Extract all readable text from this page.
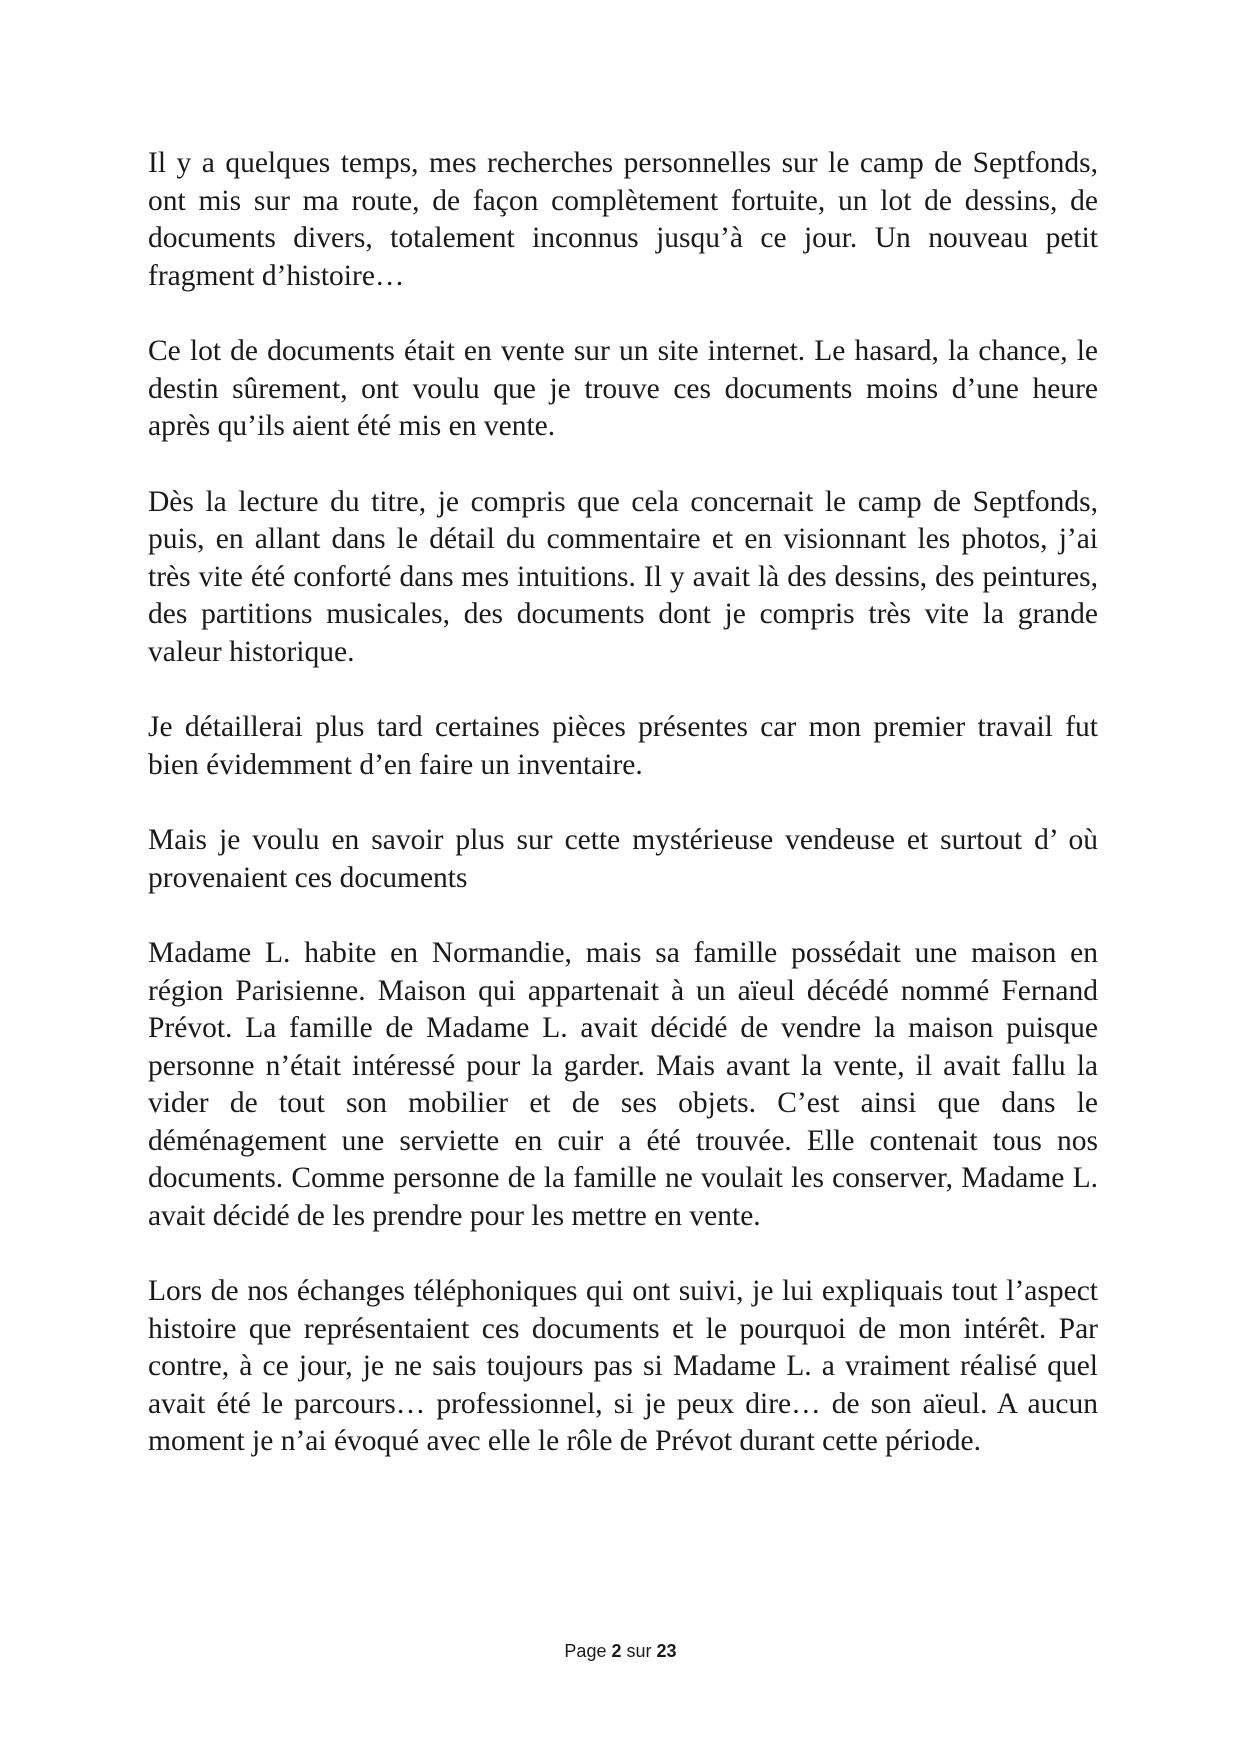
Il y a quelques temps, mes recherches personnelles sur le camp de Septfonds, ont mis sur ma route, de façon complètement fortuite, un lot de dessins, de documents divers, totalement inconnus jusqu’à ce jour. Un nouveau petit fragment d’histoire…

Ce lot de documents était en vente sur un site internet. Le hasard, la chance, le destin sûrement, ont voulu que je trouve ces documents moins d’une heure après qu’ils aient été mis en vente.

Dès la lecture du titre, je compris que cela concernait le camp de Septfonds, puis, en allant dans le détail du commentaire et en visionnant les photos, j’ai très vite été conforté dans mes intuitions. Il y avait là des dessins, des peintures, des partitions musicales, des documents dont je compris très vite la grande valeur historique.

Je détaillerai plus tard certaines pièces présentes car mon premier travail fut bien évidemment d’en faire un inventaire.

Mais je voulu en savoir plus sur cette mystérieuse vendeuse et surtout d’ où provenaient ces documents

Madame L. habite en Normandie, mais sa famille possédait une maison en région Parisienne. Maison qui appartenait à un aïeul décédé nommé Fernand Prévot. La famille de Madame L. avait décidé de vendre la maison puisque personne n’était intéressé pour la garder. Mais avant la vente, il avait fallu la vider de tout son mobilier et de ses objets. C’est ainsi que dans le déménagement une serviette en cuir a été trouvée. Elle contenait tous nos documents. Comme personne de la famille ne voulait les conserver, Madame L. avait décidé de les prendre pour les mettre en vente.

Lors de nos échanges téléphoniques qui ont suivi, je lui expliquais tout l’aspect histoire que représentaient ces documents et le pourquoi de mon intérêt. Par contre, à ce jour, je ne sais toujours pas si Madame L. a vraiment réalisé quel avait été le parcours… professionnel, si je peux dire… de son aïeul. A aucun moment je n’ai évoqué avec elle le rôle de Prévot durant cette période.

Page 2 sur 23
